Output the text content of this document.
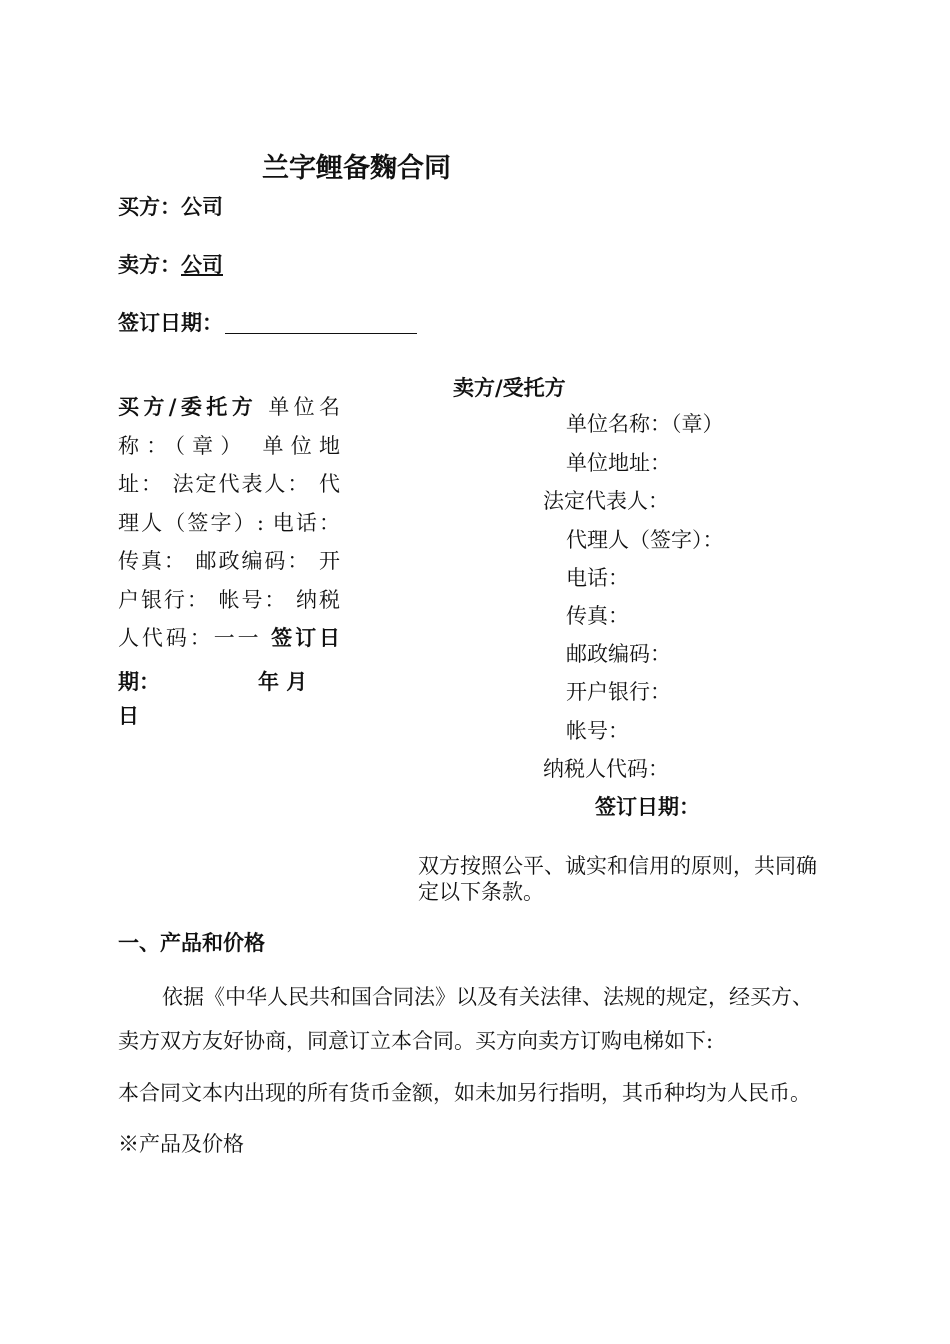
兰字鲤备麴合同
买方：公司
卖方：公司
签订日期：
买方/委托方 单位名
称：（章） 单位地
址： 法定代表人： 代
理人（签字）: 电话：
传真： 邮政编码： 开
户银行： 帐号： 纳税
人代码：一一 签订日
期：	年 月
日
卖方/受托方
单位名称：（章）
单位地址：
法定代表人：
代理人（签字）：
电话：
传真：
邮政编码：
开户银行：
帐号：
纳税人代码：
签订日期：
双方按照公平、诚实和信用的原则，共同确
定以下条款。
一、产品和价格
依据《中华人民共和国合同法》以及有关法律、法规的规定，经买方、
卖方双方友好协商，同意订立本合同。买方向卖方订购电梯如下:
本合同文本内出现的所有货币金额，如未加另行指明，其币种均为人民币。
※产品及价格
